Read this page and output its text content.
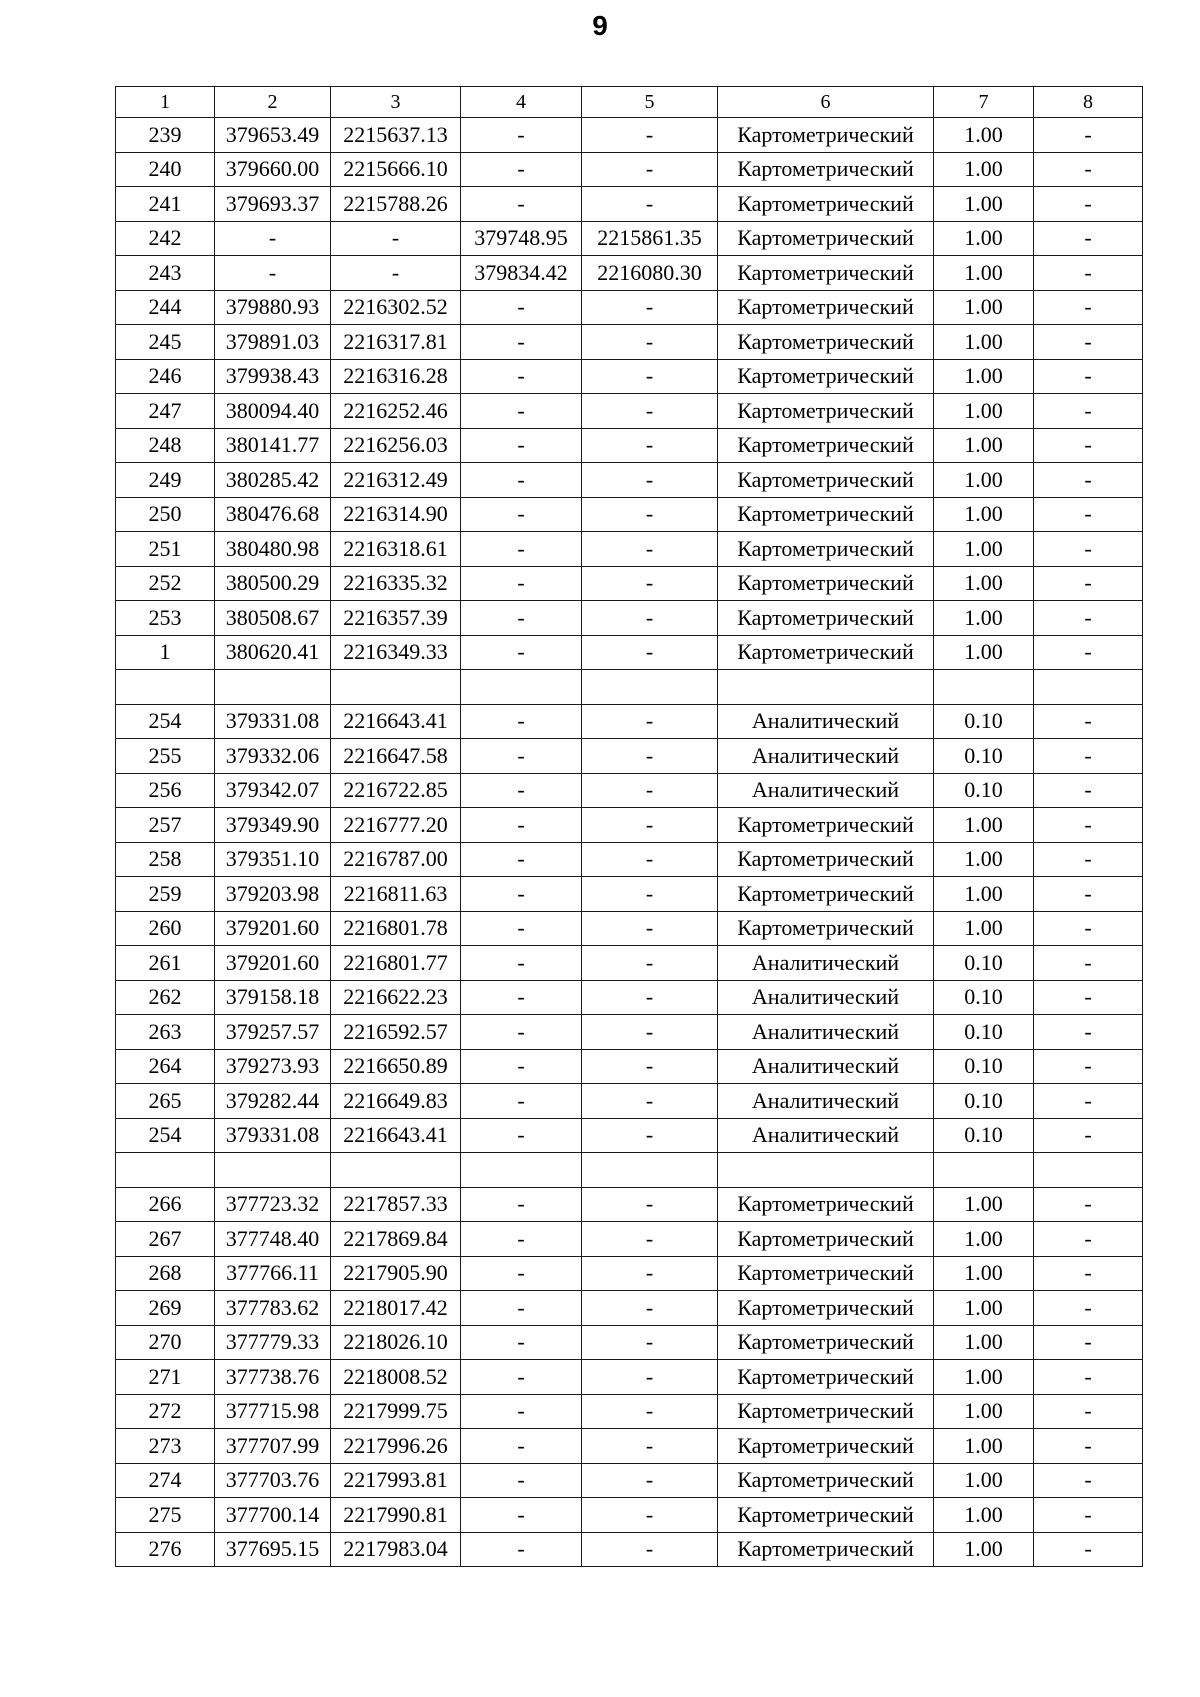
9
1	2	3	4	5	6	7	8
239	379653.49	2215637.13	-	-	Картометрический	1.00	-
240	379660.00	2215666.10	-	-	Картометрический	1.00	-
241	379693.37	2215788.26	-	-	Картометрический	1.00	-
242	-	-	379748.95	2215861.35	Картометрический	1.00	-
243	-	-	379834.42	2216080.30	Картометрический	1.00	-
244	379880.93	2216302.52	-	-	Картометрический	1.00	-
245	379891.03	2216317.81	-	-	Картометрический	1.00	-
246	379938.43	2216316.28	-	-	Картометрический	1.00	-
247	380094.40	2216252.46	-	-	Картометрический	1.00	-
248	380141.77	2216256.03	-	-	Картометрический	1.00	-
249	380285.42	2216312.49	-	-	Картометрический	1.00	-
250	380476.68	2216314.90	-	-	Картометрический	1.00	-
251	380480.98	2216318.61	-	-	Картометрический	1.00	-
252	380500.29	2216335.32	-	-	Картометрический	1.00	-
253	380508.67	2216357.39	-	-	Картометрический	1.00	-
1	380620.41	2216349.33	-	-	Картометрический	1.00	-

254	379331.08	2216643.41	-	-	Аналитический	0.10	-
255	379332.06	2216647.58	-	-	Аналитический	0.10	-
256	379342.07	2216722.85	-	-	Аналитический	0.10	-
257	379349.90	2216777.20	-	-	Картометрический	1.00	-
258	379351.10	2216787.00	-	-	Картометрический	1.00	-
259	379203.98	2216811.63	-	-	Картометрический	1.00	-
260	379201.60	2216801.78	-	-	Картометрический	1.00	-
261	379201.60	2216801.77	-	-	Аналитический	0.10	-
262	379158.18	2216622.23	-	-	Аналитический	0.10	-
263	379257.57	2216592.57	-	-	Аналитический	0.10	-
264	379273.93	2216650.89	-	-	Аналитический	0.10	-
265	379282.44	2216649.83	-	-	Аналитический	0.10	-
254	379331.08	2216643.41	-	-	Аналитический	0.10	-

266	377723.32	2217857.33	-	-	Картометрический	1.00	-
267	377748.40	2217869.84	-	-	Картометрический	1.00	-
268	377766.11	2217905.90	-	-	Картометрический	1.00	-
269	377783.62	2218017.42	-	-	Картометрический	1.00	-
270	377779.33	2218026.10	-	-	Картометрический	1.00	-
271	377738.76	2218008.52	-	-	Картометрический	1.00	-
272	377715.98	2217999.75	-	-	Картометрический	1.00	-
273	377707.99	2217996.26	-	-	Картометрический	1.00	-
274	377703.76	2217993.81	-	-	Картометрический	1.00	-
275	377700.14	2217990.81	-	-	Картометрический	1.00	-
276	377695.15	2217983.04	-	-	Картометрический	1.00	-
